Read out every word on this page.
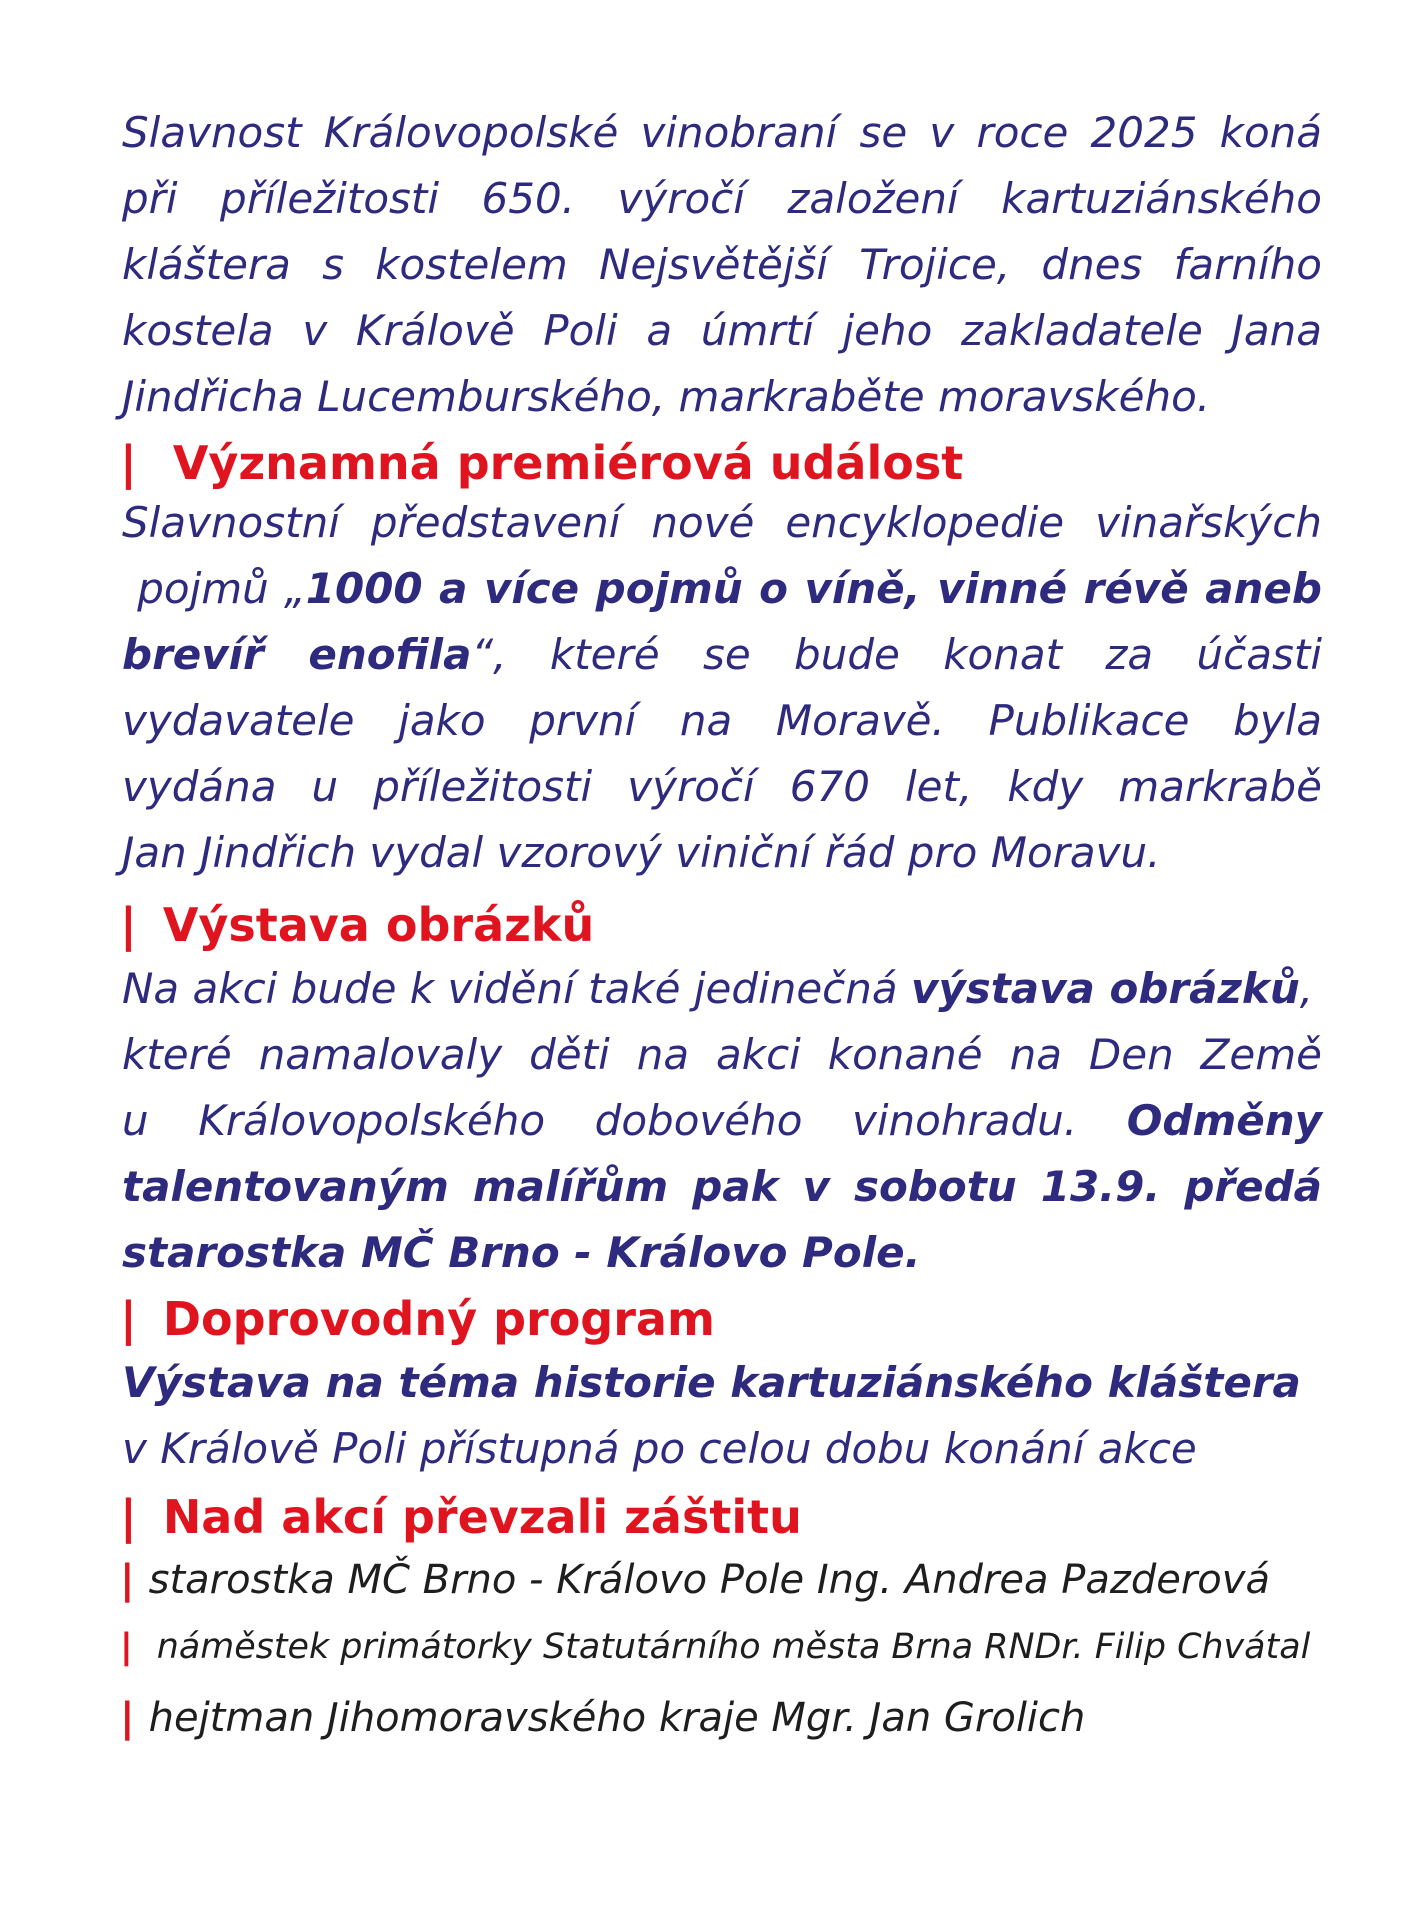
Slavnost Královopolské vinobraní se v roce 2025 koná
při příležitosti 650. výročí založení kartuziánského
kláštera s kostelem Nejsvětější Trojice, dnes farního
kostela v Králově Poli a úmrtí jeho zakladatele Jana
Jindřicha Lucemburského, markraběte moravského.
| Významná premiérová událost
Slavnostní představení nové encyklopedie vinařských
pojmů „1000 a více pojmů o víně, vinné révě aneb
brevíř enofila“, které se bude konat za účasti
vydavatele jako první na Moravě. Publikace byla
vydána u příležitosti výročí 670 let, kdy markrabě
Jan Jindřich vydal vzorový viniční řád pro Moravu.
| Výstava obrázků
Na akci bude k vidění také jedinečná výstava obrázků,
které namalovaly děti na akci konané na Den Země
u Královopolského dobového vinohradu. Odměny
talentovaným malířům pak v sobotu 13.9. předá
starostka MČ Brno - Královo Pole.
| Doprovodný program
Výstava na téma historie kartuziánského kláštera
v Králově Poli přístupná po celou dobu konání akce
| Nad akcí převzali záštitu
| starostka MČ Brno - Královo Pole Ing. Andrea Pazderová
| náměstek primátorky Statutárního města Brna RNDr. Filip Chvátal
| hejtman Jihomoravského kraje Mgr. Jan Grolich
